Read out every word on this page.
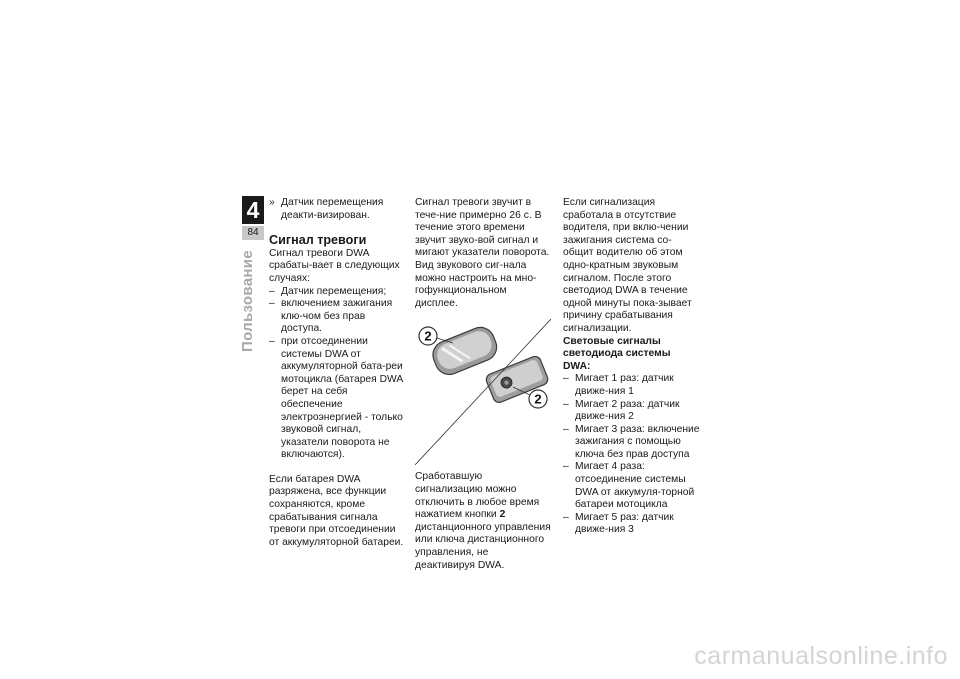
4
84
Пользование

» Датчик перемещения деакти-визирован.

Сигнал тревоги

Сигнал тревоги DWA срабаты-вает в следующих случаях:

– Датчик перемещения;

– включением зажигания клю-чом без прав доступа.

– при отсоединении системы DWA от аккумуляторной бата-реи мотоцикла (батарея DWA берет на себя обеспечение электроэнергией - только звуковой сигнал, указатели поворота не включаются).

Если батарея DWA разряжена, все функции сохраняются, кроме срабатывания сигнала тревоги при отсоединении от аккумуляторной батареи.

Сигнал тревоги звучит в тече-ние примерно 26 с. В течение этого времени звучит звуко-вой сигнал и мигают указатели поворота. Вид звукового сиг-нала можно настроить на мно-гофункциональном дисплее.

2
2

Сработавшую сигнализацию можно отключить в любое время нажатием кнопки 2 дистанционного управления или ключа дистанционного управления, не деактивируя DWA.

Если сигнализация сработала в отсутствие водителя, при вклю-чении зажигания система со-общит водителю об этом одно-кратным звуковым сигналом. После этого светодиод DWA в течение одной минуты пока-зывает причину срабатывания сигнализации.

Световые сигналы светодиода системы DWA:

– Мигает 1 раз: датчик движе-ния 1

– Мигает 2 раза: датчик движе-ния 2

– Мигает 3 раза: включение зажигания с помощью ключа без прав доступа

– Мигает 4 раза: отсоединение системы DWA от аккумуля-торной батареи мотоцикла

– Мигает 5 раз: датчик движе-ния 3

carmanualsonline.info
